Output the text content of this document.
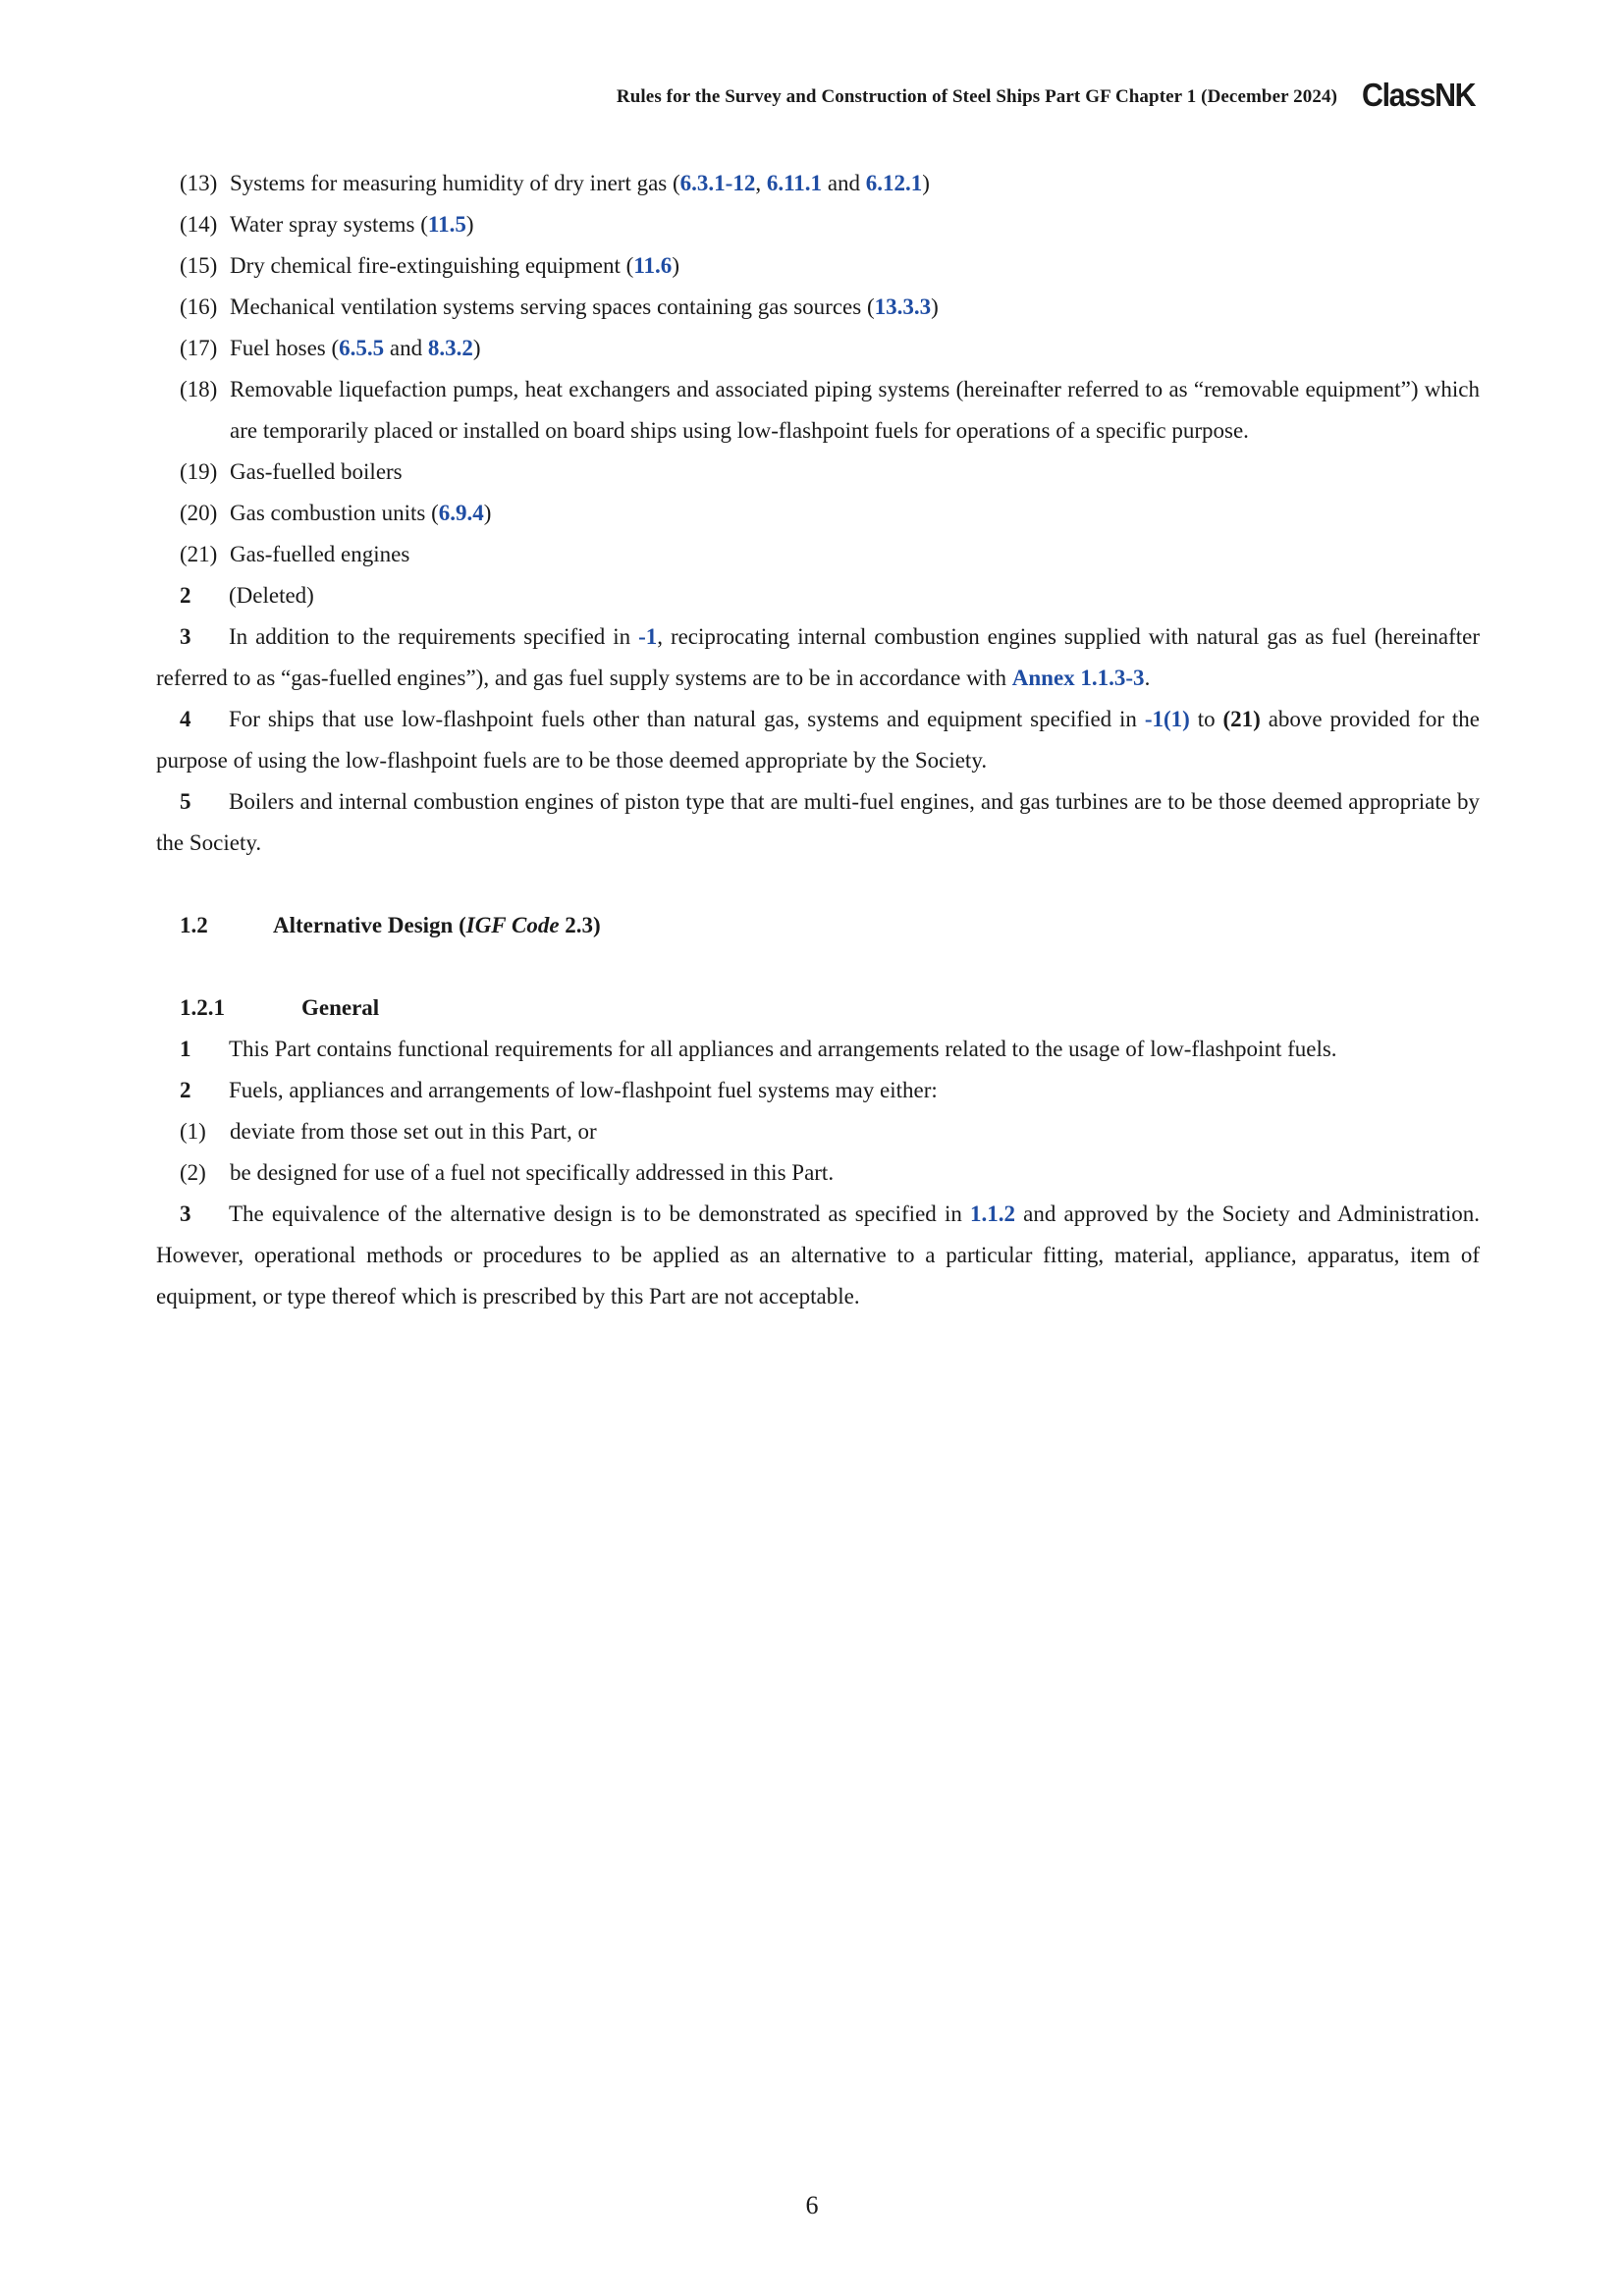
Rules for the Survey and Construction of Steel Ships Part GF Chapter 1 (December 2024) ClassNK
(13) Systems for measuring humidity of dry inert gas (6.3.1-12, 6.11.1 and 6.12.1)
(14) Water spray systems (11.5)
(15) Dry chemical fire-extinguishing equipment (11.6)
(16) Mechanical ventilation systems serving spaces containing gas sources (13.3.3)
(17) Fuel hoses (6.5.5 and 8.3.2)
(18) Removable liquefaction pumps, heat exchangers and associated piping systems (hereinafter referred to as “removable equipment”) which are temporarily placed or installed on board ships using low-flashpoint fuels for operations of a specific purpose.
(19) Gas-fuelled boilers
(20) Gas combustion units (6.9.4)
(21) Gas-fuelled engines
2 (Deleted)
3 In addition to the requirements specified in -1, reciprocating internal combustion engines supplied with natural gas as fuel (hereinafter referred to as “gas-fuelled engines”), and gas fuel supply systems are to be in accordance with Annex 1.1.3-3.
4 For ships that use low-flashpoint fuels other than natural gas, systems and equipment specified in -1(1) to (21) above provided for the purpose of using the low-flashpoint fuels are to be those deemed appropriate by the Society.
5 Boilers and internal combustion engines of piston type that are multi-fuel engines, and gas turbines are to be those deemed appropriate by the Society.
1.2	Alternative Design (IGF Code 2.3)
1.2.1	General
1 This Part contains functional requirements for all appliances and arrangements related to the usage of low-flashpoint fuels.
2 Fuels, appliances and arrangements of low-flashpoint fuel systems may either:
(1) deviate from those set out in this Part, or
(2) be designed for use of a fuel not specifically addressed in this Part.
3 The equivalence of the alternative design is to be demonstrated as specified in 1.1.2 and approved by the Society and Administration. However, operational methods or procedures to be applied as an alternative to a particular fitting, material, appliance, apparatus, item of equipment, or type thereof which is prescribed by this Part are not acceptable.
6
